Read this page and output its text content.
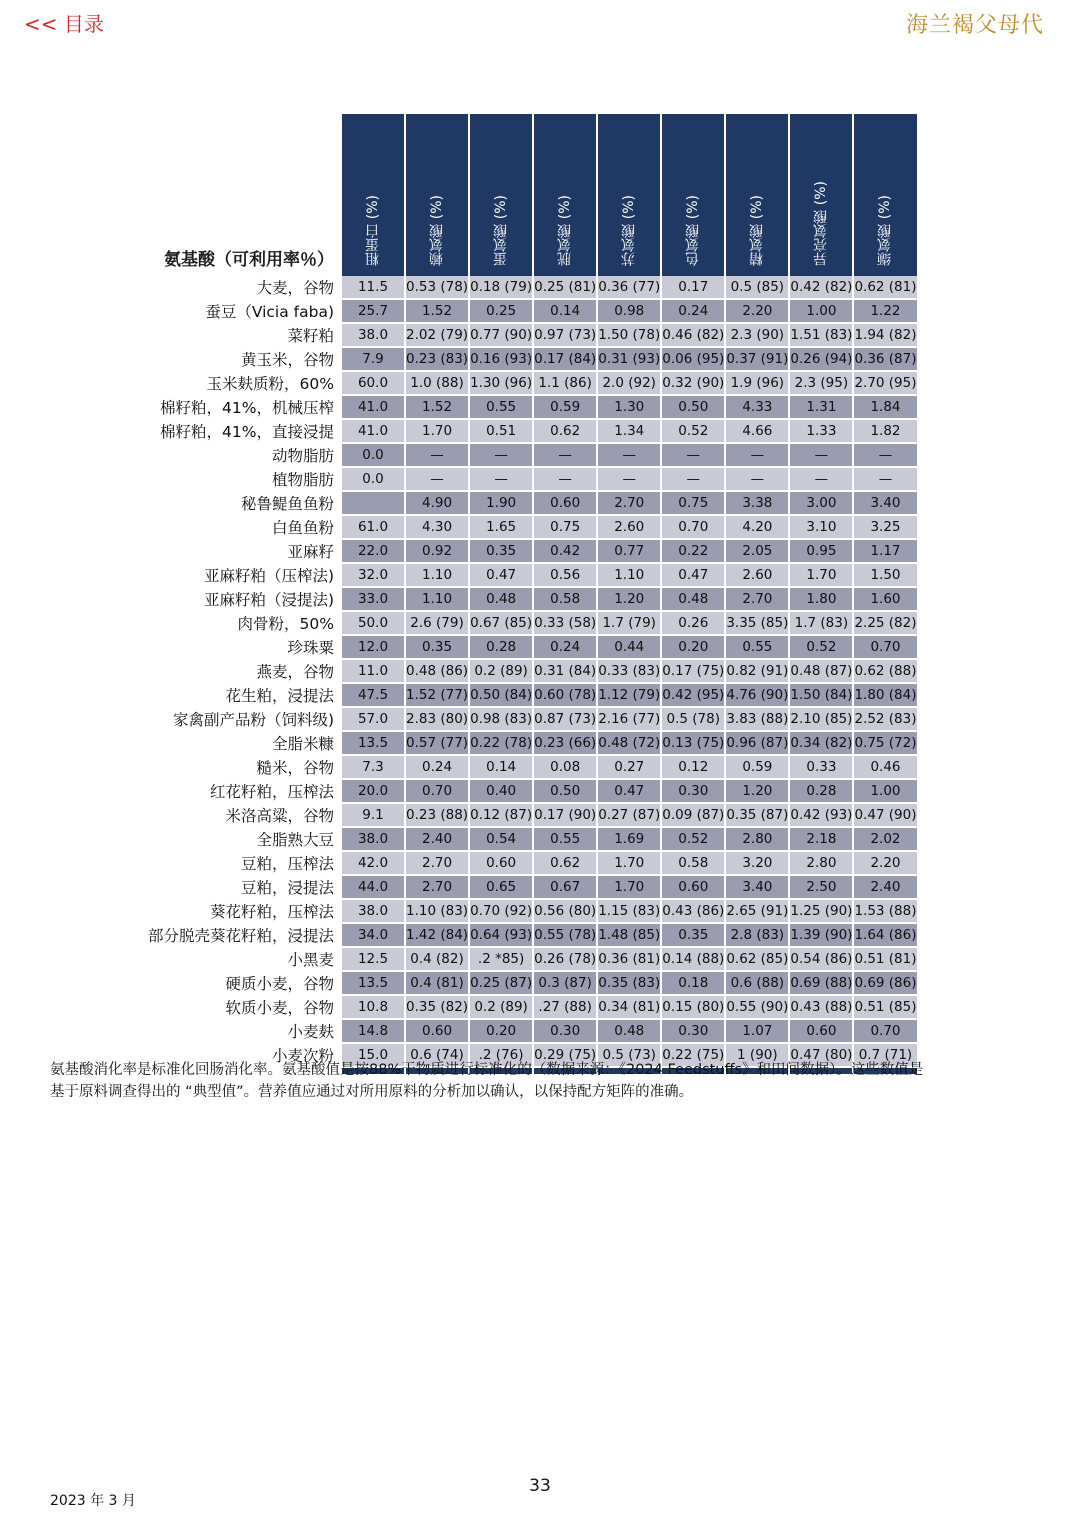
<< 目录	海兰褐父母代
氨基酸（可利用率％）	粗蛋白 (%)	赖氨酸 (%)	蛋氨酸 (%)	胱氨酸 (%)	苏氨酸 (%)	色氨酸 (%)	精氨酸 (%)	异亮氨酸 (%)	缬氨酸 (%)

大麦，谷物	11.5	0.53 (78)	0.18 (79)	0.25 (81)	0.36 (77)	0.17	0.5 (85)	0.42 (82)	0.62 (81)
蚕豆（Vicia faba)	25.7	1.52	0.25	0.14	0.98	0.24	2.20	1.00	1.22
菜籽粕	38.0	2.02 (79)	0.77 (90)	0.97 (73)	1.50 (78)	0.46 (82)	2.3 (90)	1.51 (83)	1.94 (82)
黄玉米，谷物	7.9	0.23 (83)	0.16 (93)	0.17 (84)	0.31 (93)	0.06 (95)	0.37 (91)	0.26 (94)	0.36 (87)
玉米麸质粉，60%	60.0	1.0 (88)	1.30 (96)	1.1 (86)	2.0 (92)	0.32 (90)	1.9 (96)	2.3 (95)	2.70 (95)
棉籽粕，41%，机械压榨	41.0	1.52	0.55	0.59	1.30	0.50	4.33	1.31	1.84
棉籽粕，41%，直接浸提	41.0	1.70	0.51	0.62	1.34	0.52	4.66	1.33	1.82
动物脂肪	0.0	—	—	—	—	—	—	—	—
植物脂肪	0.0	—	—	—	—	—	—	—	—
秘鲁鳀鱼鱼粉		4.90	1.90	0.60	2.70	0.75	3.38	3.00	3.40
白鱼鱼粉	61.0	4.30	1.65	0.75	2.60	0.70	4.20	3.10	3.25
亚麻籽	22.0	0.92	0.35	0.42	0.77	0.22	2.05	0.95	1.17
亚麻籽粕（压榨法)	32.0	1.10	0.47	0.56	1.10	0.47	2.60	1.70	1.50
亚麻籽粕（浸提法)	33.0	1.10	0.48	0.58	1.20	0.48	2.70	1.80	1.60
肉骨粉，50%	50.0	2.6 (79)	0.67 (85)	0.33 (58)	1.7 (79)	0.26	3.35 (85)	1.7 (83)	2.25 (82)
珍珠粟	12.0	0.35	0.28	0.24	0.44	0.20	0.55	0.52	0.70
燕麦，谷物	11.0	0.48 (86)	0.2 (89)	0.31 (84)	0.33 (83)	0.17 (75)	0.82 (91)	0.48 (87)	0.62 (88)
花生粕，浸提法	47.5	1.52 (77)	0.50 (84)	0.60 (78)	1.12 (79)	0.42 (95)	4.76 (90)	1.50 (84)	1.80 (84)
家禽副产品粉（饲料级)	57.0	2.83 (80)	0.98 (83)	0.87 (73)	2.16 (77)	0.5 (78)	3.83 (88)	2.10 (85)	2.52 (83)
全脂米糠	13.5	0.57 (77)	0.22 (78)	0.23 (66)	0.48 (72)	0.13 (75)	0.96 (87)	0.34 (82)	0.75 (72)
糙米，谷物	7.3	0.24	0.14	0.08	0.27	0.12	0.59	0.33	0.46
红花籽粕，压榨法	20.0	0.70	0.40	0.50	0.47	0.30	1.20	0.28	1.00
米洛高粱，谷物	9.1	0.23 (88)	0.12 (87)	0.17 (90)	0.27 (87)	0.09 (87)	0.35 (87)	0.42 (93)	0.47 (90)
全脂熟大豆	38.0	2.40	0.54	0.55	1.69	0.52	2.80	2.18	2.02
豆粕，压榨法	42.0	2.70	0.60	0.62	1.70	0.58	3.20	2.80	2.20
豆粕，浸提法	44.0	2.70	0.65	0.67	1.70	0.60	3.40	2.50	2.40
葵花籽粕，压榨法	38.0	1.10 (83)	0.70 (92)	0.56 (80)	1.15 (83)	0.43 (86)	2.65 (91)	1.25 (90)	1.53 (88)
部分脱壳葵花籽粕，浸提法	34.0	1.42 (84)	0.64 (93)	0.55 (78)	1.48 (85)	0.35	2.8 (83)	1.39 (90)	1.64 (86)
小黑麦	12.5	0.4 (82)	.2 *85)	0.26 (78)	0.36 (81)	0.14 (88)	0.62 (85)	0.54 (86)	0.51 (81)
硬质小麦，谷物	13.5	0.4 (81)	0.25 (87)	0.3 (87)	0.35 (83)	0.18	0.6 (88)	0.69 (88)	0.69 (86)
软质小麦，谷物	10.8	0.35 (82)	0.2 (89)	.27 (88)	0.34 (81)	0.15 (80)	0.55 (90)	0.43 (88)	0.51 (85)
小麦麸	14.8	0.60	0.20	0.30	0.48	0.30	1.07	0.60	0.70
小麦次粉	15.0	0.6 (74)	.2 (76)	0.29 (75)	0.5 (73)	0.22 (75)	1 (90)	0.47 (80)	0.7 (71)

氨基酸消化率是标准化回肠消化率。氨基酸值是按88%干物质进行标准化的（数据来源：《2024 Feedstuffs》和田间数据）。这些数值是基于原料调查得出的 “典型值”。营养值应通过对所用原料的分析加以确认，以保持配方矩阵的准确。
33
2023 年 3 月
